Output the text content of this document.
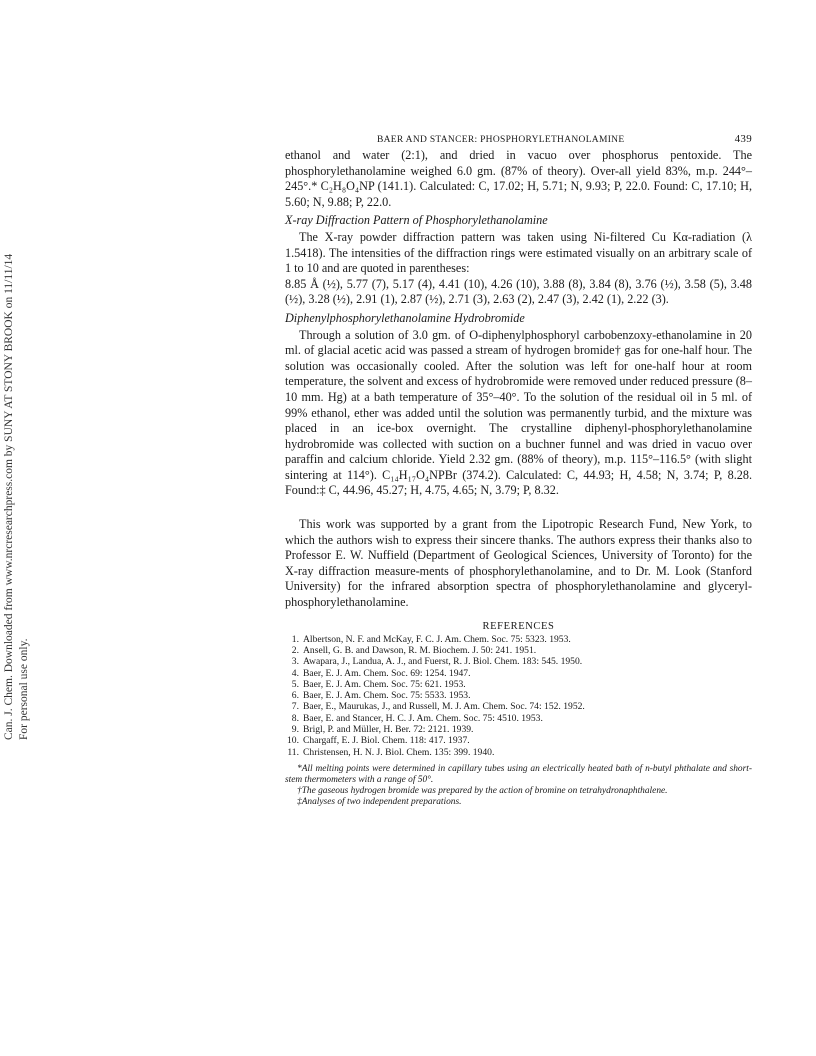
Can. J. Chem. Downloaded from www.nrcresearchpress.com by SUNY AT STONY BROOK on 11/11/14 For personal use only.
BAER AND STANCER: PHOSPHORYLETHANOLAMINE	439

ethanol and water (2:1), and dried in vacuo over phosphorus pentoxide. The phosphorylethanolamine weighed 6.0 gm. (87% of theory). Over-all yield 83%, m.p. 244°–245°.* C₂H₈O₄NP (141.1). Calculated: C, 17.02; H, 5.71; N, 9.93; P, 22.0. Found: C, 17.10; H, 5.60; N, 9.88; P, 22.0.

X-ray Diffraction Pattern of Phosphorylethanolamine

The X-ray powder diffraction pattern was taken using Ni-filtered Cu Kα-radiation (λ 1.5418). The intensities of the diffraction rings were estimated visually on an arbitrary scale of 1 to 10 and are quoted in parentheses:

8.85 Å (½), 5.77 (7), 5.17 (4), 4.41 (10), 4.26 (10), 3.88 (8), 3.84 (8), 3.76 (½), 3.58 (5), 3.48 (½), 3.28 (½), 2.91 (1), 2.87 (½), 2.71 (3), 2.63 (2), 2.47 (3), 2.42 (1), 2.22 (3).

Diphenylphosphorylethanolamine Hydrobromide

Through a solution of 3.0 gm. of O-diphenylphosphoryl carbobenzoxy-ethanolamine in 20 ml. of glacial acetic acid was passed a stream of hydrogen bromide† gas for one-half hour. The solution was occasionally cooled. After the solution was left for one-half hour at room temperature, the solvent and excess of hydrobromide were removed under reduced pressure (8–10 mm. Hg) at a bath temperature of 35°–40°. To the solution of the residual oil in 5 ml. of 99% ethanol, ether was added until the solution was permanently turbid, and the mixture was placed in an ice-box overnight. The crystalline diphenyl-phosphorylethanolamine hydrobromide was collected with suction on a buchner funnel and was dried in vacuo over paraffin and calcium chloride. Yield 2.32 gm. (88% of theory), m.p. 115°–116.5° (with slight sintering at 114°). C₁₄H₁₇O₄NPBr (374.2). Calculated: C, 44.93; H, 4.58; N, 3.74; P, 8.28. Found:‡ C, 44.96, 45.27; H, 4.75, 4.65; N, 3.79; P, 8.32.

This work was supported by a grant from the Lipotropic Research Fund, New York, to which the authors wish to express their sincere thanks. The authors express their thanks also to Professor E. W. Nuffield (Department of Geological Sciences, University of Toronto) for the X-ray diffraction measure-ments of phosphorylethanolamine, and to Dr. M. Look (Stanford University) for the infrared absorption spectra of phosphorylethanolamine and glyceryl-phosphorylethanolamine.

REFERENCES
1. Albertson, N. F. and McKay, F. C. J. Am. Chem. Soc. 75: 5323. 1953.
2. Ansell, G. B. and Dawson, R. M. Biochem. J. 50: 241. 1951.
3. Awapara, J., Landua, A. J., and Fuerst, R. J. Biol. Chem. 183: 545. 1950.
4. Baer, E. J. Am. Chem. Soc. 69: 1254. 1947.
5. Baer, E. J. Am. Chem. Soc. 75: 621. 1953.
6. Baer, E. J. Am. Chem. Soc. 75: 5533. 1953.
7. Baer, E., Maurukas, J., and Russell, M. J. Am. Chem. Soc. 74: 152. 1952.
8. Baer, E. and Stancer, H. C. J. Am. Chem. Soc. 75: 4510. 1953.
9. Brigl, P. and Müller, H. Ber. 72: 2121. 1939.
10. Chargaff, E. J. Biol. Chem. 118: 417. 1937.
11. Christensen, H. N. J. Biol. Chem. 135: 399. 1940.
*All melting points were determined in capillary tubes using an electrically heated bath of n-butyl phthalate and short-stem thermometers with a range of 50°.
†The gaseous hydrogen bromide was prepared by the action of bromine on tetrahydronaphthalene.
‡Analyses of two independent preparations.
